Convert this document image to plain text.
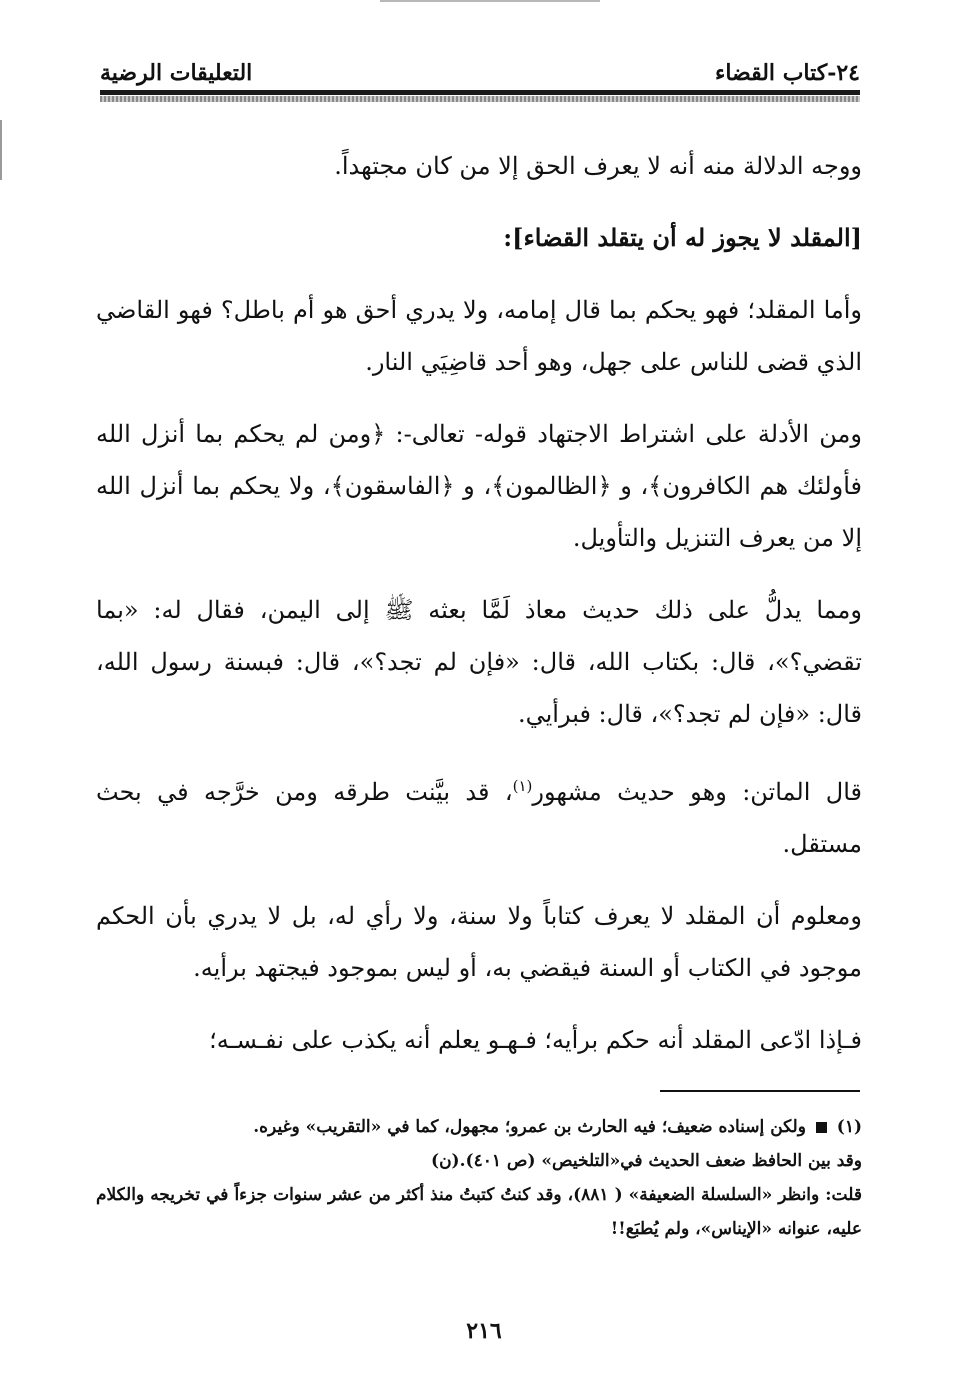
٢٤-كتاب القضاء
التعليقات الرضية

ووجه الدلالة منه أنه لا يعرف الحق إلا من كان مجتهداً.

[المقلد لا يجوز له أن يتقلد القضاء]:

وأما المقلد؛ فهو يحكم بما قال إمامه، ولا يدري أحق هو أم باطل؟ فهو القاضي الذي قضى للناس على جهل، وهو أحد قاضِيَي النار.

ومن الأدلة على اشتراط الاجتهاد قوله- تعالى-: ﴿ومن لم يحكم بما أنزل الله فأولئك هم الكافرون﴾، و ﴿الظالمون﴾، و ﴿الفاسقون﴾، ولا يحكم بما أنزل الله إلا من يعرف التنزيل والتأويل.

ومما يدلُّ على ذلك حديث معاذ لَمَّا بعثه ﷺ إلى اليمن، فقال له: «بما تقضي؟»، قال: بكتاب الله، قال: «فإن لم تجد؟»، قال: فبسنة رسول الله، قال: «فإن لم تجد؟»، قال: فبرأيي.

قال الماتن: وهو حديث مشهور$^{(١)}$، قد بيَّنت طرقه ومن خرَّجه في بحث مستقل.

ومعلوم أن المقلد لا يعرف كتاباً ولا سنة، ولا رأي له، بل لا يدري بأن الحكم موجود في الكتاب أو السنة فيقضي به، أو ليس بموجود فيجتهد برأيه.

فـإذا ادّعى المقلد أنه حكم برأيه؛ فـهـو يعلم أنه يكذب على نفـسـه؛

(١)  ولكن إسناده ضعيف؛ فيه الحارث بن عمرو؛ مجهول، كما في «التقريب» وغيره.

وقد بين الحافظ ضعف الحديث في«التلخيص» (ص ٤٠١).(ن)

قلت: وانظر «السلسلة الضعيفة» ( ٨٨١)، وقد كنتُ كتبتُ منذ أكثر من عشر سنوات جزءاً في تخريجه والكلام عليه، عنوانه «الإيناس»، ولم يُطبَع!!

٢١٦
